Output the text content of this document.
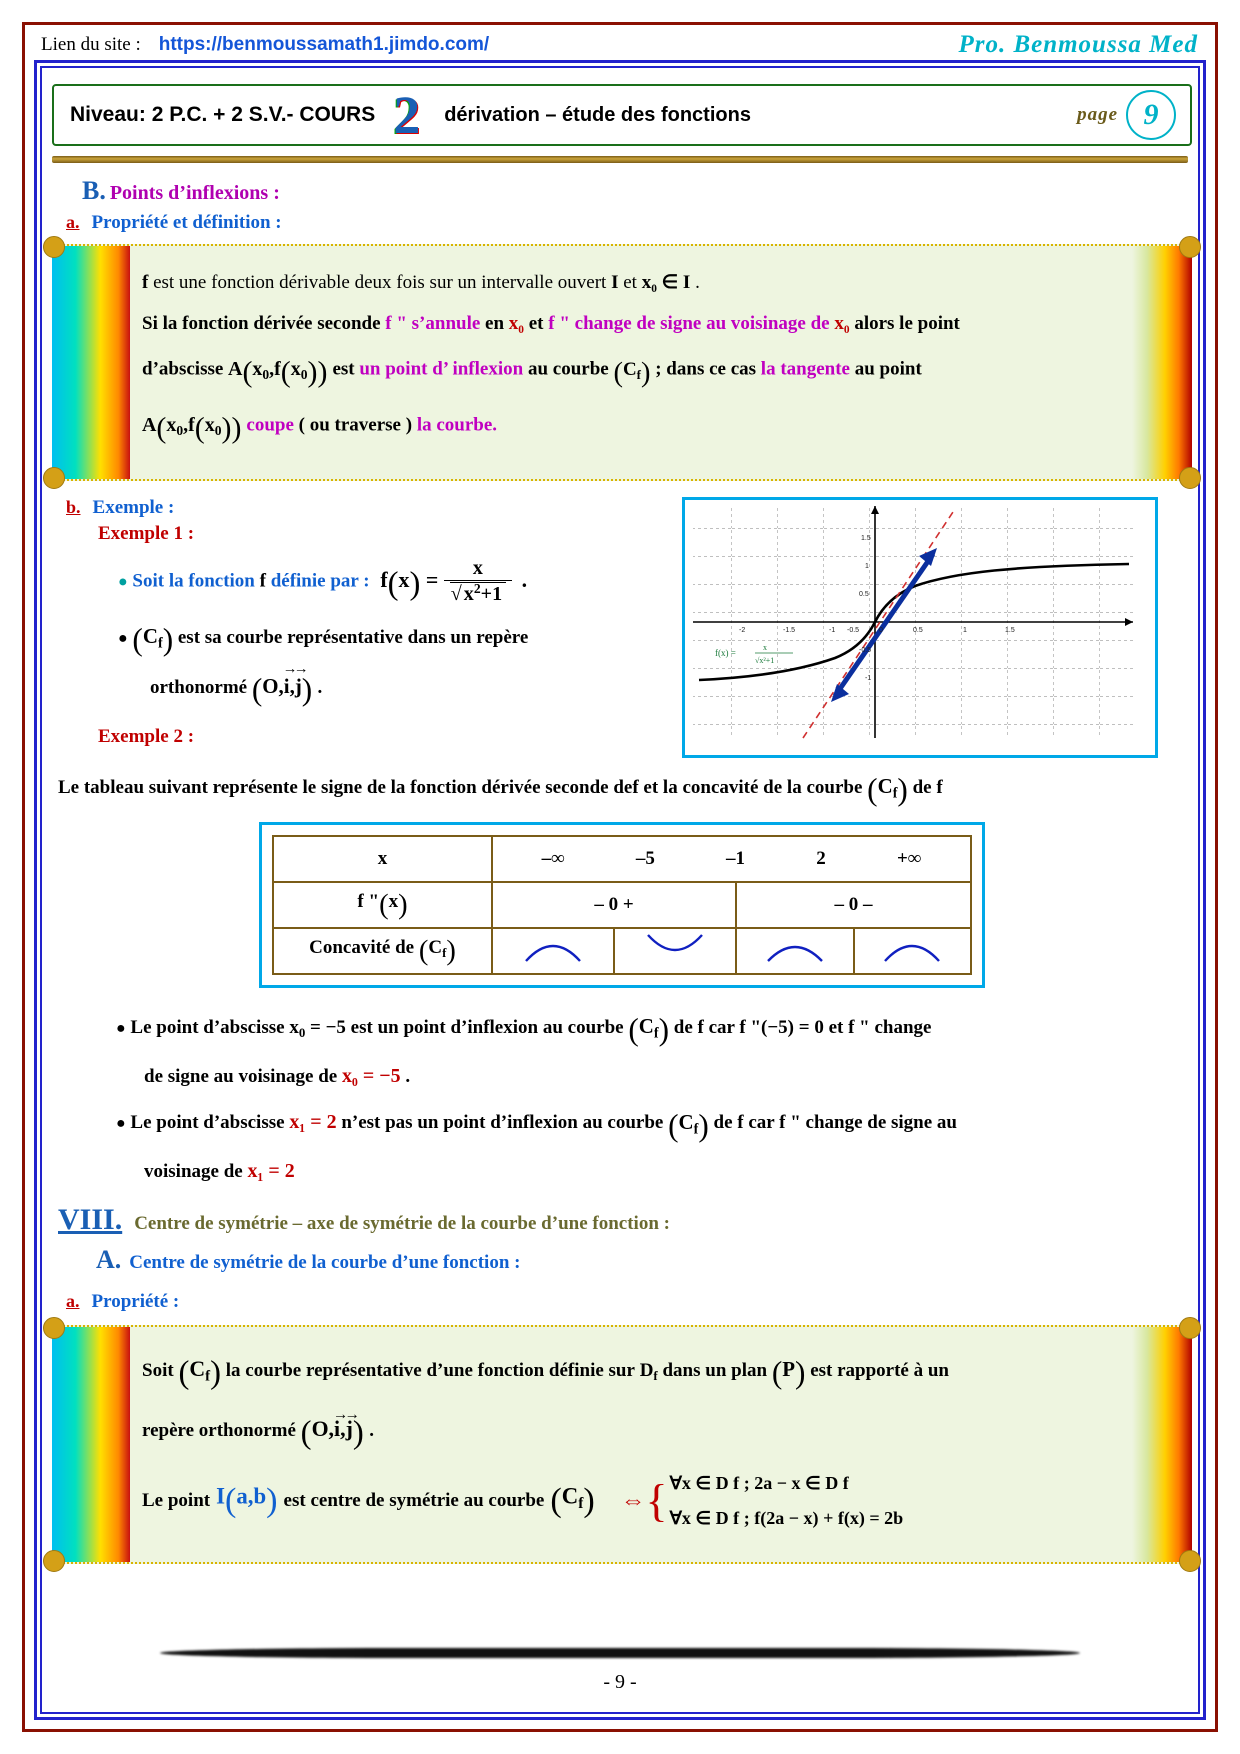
Lien du site : https://benmoussamath1.jimdo.com/	Pro. Benmoussa Med
Niveau: 2 P.C. + 2 S.V.- COURS 2 dérivation – étude des fonctions	page 9
B. Points d’inflexions :
a. Propriété et définition :
f est une fonction dérivable deux fois sur un intervalle ouvert I et x₀ ∈ I .
Si la fonction dérivée seconde f " s’annule en x₀ et f " change de signe au voisinage de x₀ alors le point
d’abscisse $A(x_0,f(x_0))$ est un point d’ inflexion au courbe $(C_f)$ ; dans ce cas la tangente au point
$A(x_0,f(x_0))$ coupe ( ou traverse ) la courbe.
b. Exemple :
Exemple 1 :
● Soit la fonction f définie par : $f(x) = \frac{x}{√x^2+1}$ .
● $(C_f)$ est sa courbe représentative dans un repère
orthonormé (O,i →,j →) .
Exemple 2 :
-2	-1.5	-1 -0.5	0	0.5	1	1.5
1.5
1
0.5
-0.5
-1
f(x) =
x
√x²+1
Le tableau suivant représente le signe de la fonction dérivée seconde def et la concavité de la courbe $(C_f)$ de f
x	–∞ –5 –1 2 +∞	

f "(x)	– 0 +	– 0 –
Concavité de $(C_f)$	

● Le point d’abscisse $x_0 = -5$ est un point d’inflexion au courbe $(C_f)$ de f car f "(−5) = 0 et f " change
de signe au voisinage de x₀ = −5 .
● Le point d’abscisse x₁ = 2 n’est pas un point d’inflexion au courbe $(C_f)$ de f car f " change de signe au
voisinage de x₁ = 2
VIII. Centre de symétrie – axe de symétrie de la courbe d’une fonction :
A. Centre de symétrie de la courbe d’une fonction :
a. Propriété :
Soit $(C_f)$ la courbe représentative d’une fonction définie sur $D_f$ dans un plan (P) est rapporté à un
repère orthonormé (O,i →,j →) .
Le point I(a,b) est centre de symétrie au courbe $(C_f)$ ⇔ { ∀x ∈ D f ; 2a − x ∈ D f
∀x ∈ D f ; f(2a − x) + f(x) = 2b
- 9 -
